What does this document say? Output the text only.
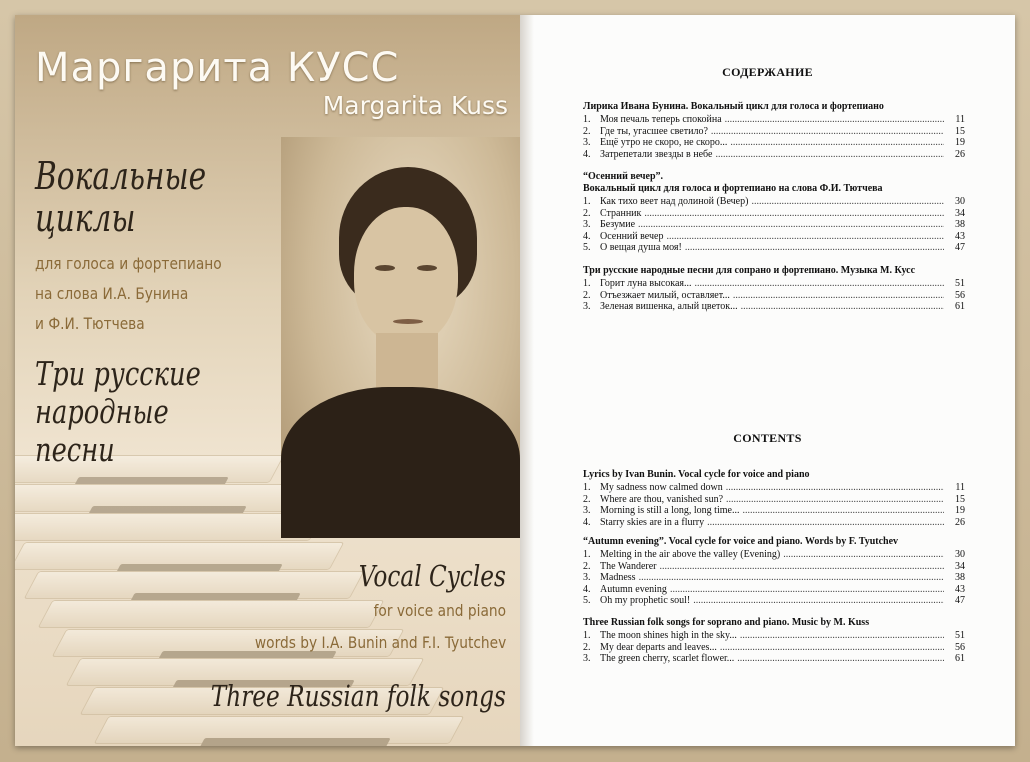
Маргарита КУСС
Margarita Kuss
Вокальные
циклы
для голоса и фортепиано
на слова И.А. Бунина
и Ф.И. Тютчева
Три русские
народные песни
Vocal Cycles
for voice and piano
words by I.A. Bunin and F.I. Tyutchev
Three Russian folk songs
СОДЕРЖАНИЕ
Лирика Ивана Бунина. Вокальный цикл для голоса и фортепиано
1. Моя печаль теперь спокойна .....	11
2. Где ты, угасшее светило? .....	15
3. Ещё утро не скоро, не скоро... .....	19
4. Затрепетали звезды в небе .....	26
“Осенний вечер”.
Вокальный цикл для голоса и фортепиано на слова Ф.И. Тютчева
1. Как тихо веет над долиной (Вечер) .....	30
2. Странник .....	34
3. Безумие .....	38
4. Осенний вечер .....	43
5. О вещая душа моя! .....	47
Три русские народные песни для сопрано и фортепиано. Музыка М. Кусс
1. Горит луна высокая... .....	51
2. Отъезжает милый, оставляет... .....	56
3. Зеленая вишенка, алый цветок... .....	61
CONTENTS
Lyrics by Ivan Bunin. Vocal cycle for voice and piano
1. My sadness now calmed down .....	11
2. Where are thou, vanished sun? .....	15
3. Morning is still a long, long time... .....	19
4. Starry skies are in a flurry .....	26
“Autumn evening”. Vocal cycle for voice and piano. Words by F. Tyutchev
1. Melting in the air above the valley (Evening) .....	30
2. The Wanderer .....	34
3. Madness .....	38
4. Autumn evening .....	43
5. Oh my prophetic soul! .....	47
Three Russian folk songs for soprano and piano. Music by M. Kuss
1. The moon shines high in the sky... .....	51
2. My dear departs and leaves... .....	56
3. The green cherry, scarlet flower... .....	61
